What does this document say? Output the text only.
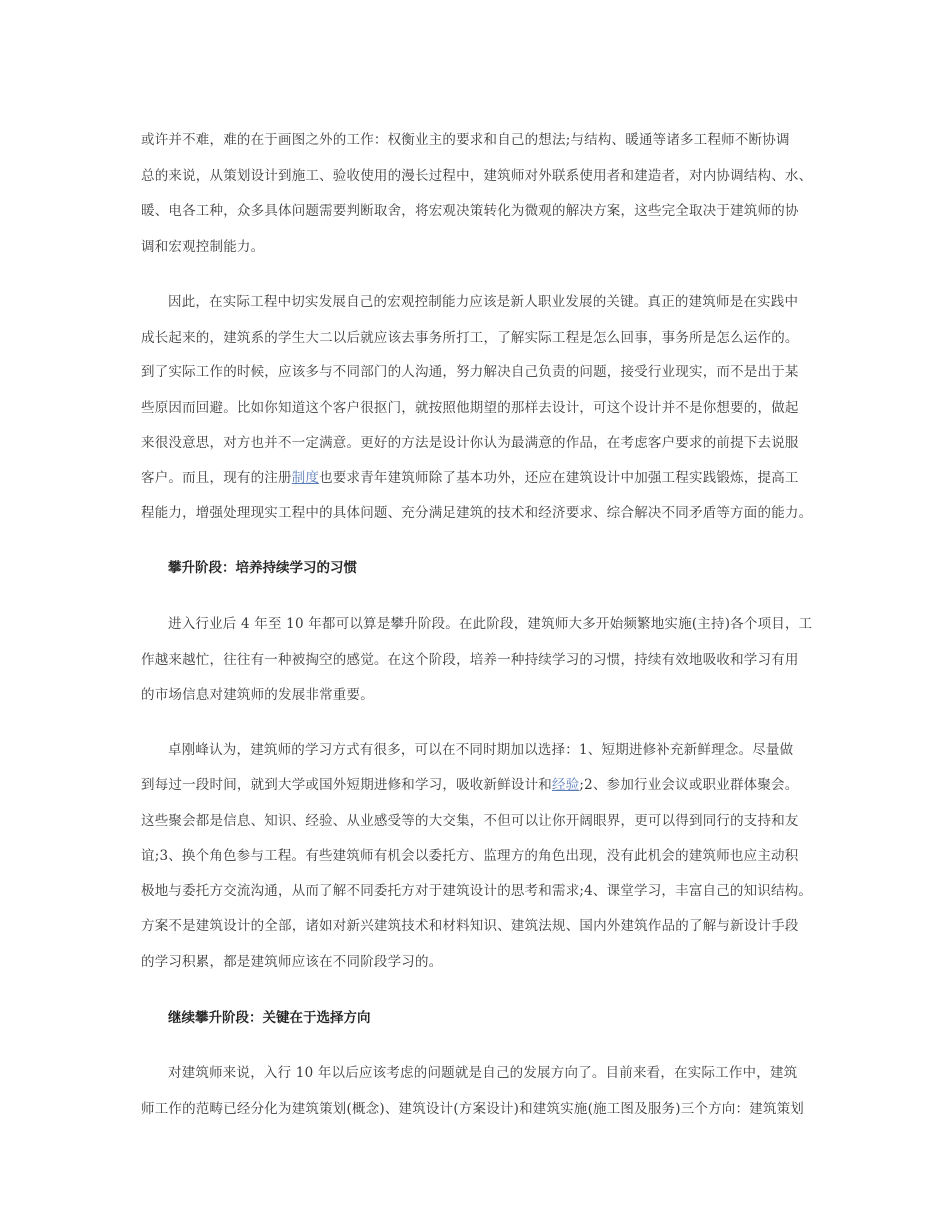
或许并不难，难的在于画图之外的工作：权衡业主的要求和自己的想法;与结构、暖通等诸多工程师不断协调
总的来说，从策划设计到施工、验收使用的漫长过程中，建筑师对外联系使用者和建造者，对内协调结构、水、
暖、电各工种，众多具体问题需要判断取舍，将宏观决策转化为微观的解决方案，这些完全取决于建筑师的协
调和宏观控制能力。
因此，在实际工程中切实发展自己的宏观控制能力应该是新人职业发展的关键。真正的建筑师是在实践中
成长起来的，建筑系的学生大二以后就应该去事务所打工，了解实际工程是怎么回事，事务所是怎么运作的。
到了实际工作的时候，应该多与不同部门的人沟通，努力解决自己负责的问题，接受行业现实，而不是出于某
些原因而回避。比如你知道这个客户很抠门，就按照他期望的那样去设计，可这个设计并不是你想要的，做起
来很没意思，对方也并不一定满意。更好的方法是设计你认为最满意的作品，在考虑客户要求的前提下去说服
客户。而且，现有的注册制度也要求青年建筑师除了基本功外，还应在建筑设计中加强工程实践锻炼，提高工
程能力，增强处理现实工程中的具体问题、充分满足建筑的技术和经济要求、综合解决不同矛盾等方面的能力。
攀升阶段：培养持续学习的习惯
进入行业后 4 年至 10 年都可以算是攀升阶段。在此阶段，建筑师大多开始频繁地实施(主持)各个项目，工
作越来越忙，往往有一种被掏空的感觉。在这个阶段，培养一种持续学习的习惯，持续有效地吸收和学习有用
的市场信息对建筑师的发展非常重要。
卓刚峰认为，建筑师的学习方式有很多，可以在不同时期加以选择：1、短期进修补充新鲜理念。尽量做
到每过一段时间，就到大学或国外短期进修和学习，吸收新鲜设计和经验;2、参加行业会议或职业群体聚会。
这些聚会都是信息、知识、经验、从业感受等的大交集，不但可以让你开阔眼界，更可以得到同行的支持和友
谊;3、换个角色参与工程。有些建筑师有机会以委托方、监理方的角色出现，没有此机会的建筑师也应主动积
极地与委托方交流沟通，从而了解不同委托方对于建筑设计的思考和需求;4、课堂学习，丰富自己的知识结构。
方案不是建筑设计的全部，诸如对新兴建筑技术和材料知识、建筑法规、国内外建筑作品的了解与新设计手段
的学习积累，都是建筑师应该在不同阶段学习的。
继续攀升阶段：关键在于选择方向
对建筑师来说，入行 10 年以后应该考虑的问题就是自己的发展方向了。目前来看，在实际工作中，建筑
师工作的范畴已经分化为建筑策划(概念)、建筑设计(方案设计)和建筑实施(施工图及服务)三个方向：建筑策划
